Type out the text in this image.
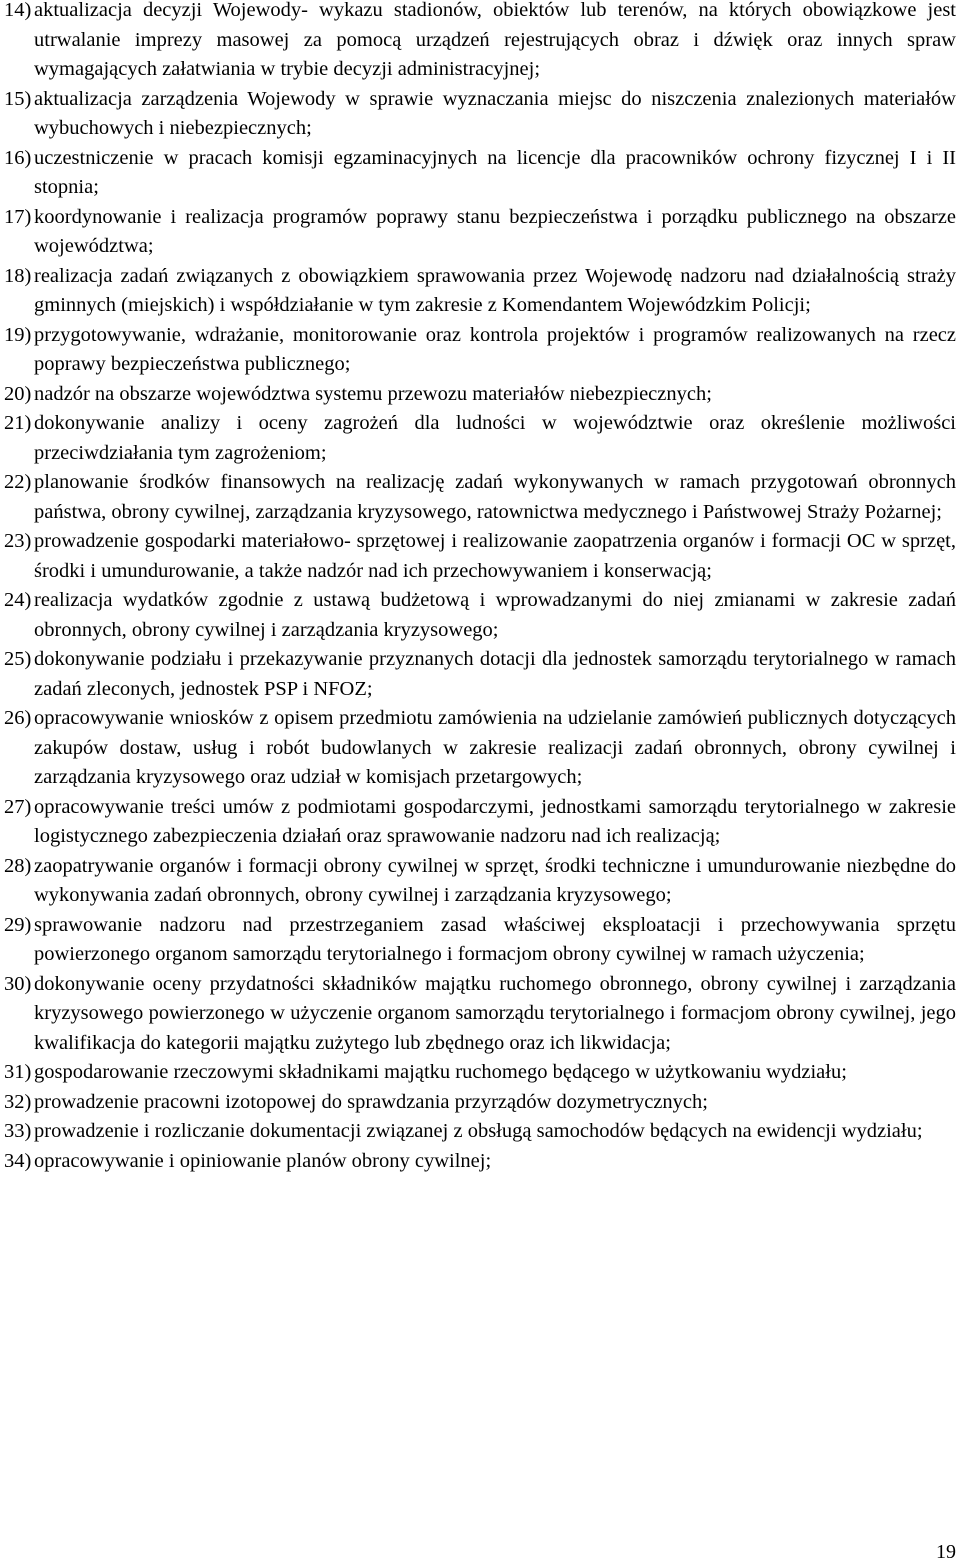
14) aktualizacja decyzji Wojewody- wykazu stadionów, obiektów lub terenów, na których obowiązkowe jest utrwalanie imprezy masowej za pomocą urządzeń rejestrujących obraz i dźwięk oraz innych spraw wymagających załatwiania w trybie decyzji administracyjnej;
15) aktualizacja zarządzenia Wojewody w sprawie wyznaczania miejsc do niszczenia znalezionych materiałów wybuchowych i niebezpiecznych;
16) uczestniczenie w pracach komisji egzaminacyjnych na licencje dla pracowników ochrony fizycznej I i II stopnia;
17) koordynowanie i realizacja programów poprawy stanu bezpieczeństwa i porządku publicznego na obszarze województwa;
18) realizacja zadań związanych z obowiązkiem sprawowania przez Wojewodę nadzoru nad działalnością straży gminnych (miejskich) i współdziałanie w tym zakresie z Komendantem Wojewódzkim Policji;
19) przygotowywanie, wdrażanie, monitorowanie oraz kontrola projektów i programów realizowanych na rzecz poprawy bezpieczeństwa publicznego;
20) nadzór na obszarze województwa systemu przewozu materiałów niebezpiecznych;
21) dokonywanie analizy i oceny zagrożeń dla ludności w województwie oraz określenie możliwości przeciwdziałania tym zagrożeniom;
22) planowanie środków finansowych na realizację zadań wykonywanych w ramach przygotowań obronnych państwa, obrony cywilnej, zarządzania kryzysowego, ratownictwa medycznego i Państwowej Straży Pożarnej;
23) prowadzenie gospodarki materiałowo- sprzętowej i realizowanie zaopatrzenia organów i formacji OC w sprzęt, środki i umundurowanie, a także nadzór nad ich przechowywaniem i konserwacją;
24) realizacja wydatków zgodnie z ustawą budżetową i wprowadzanymi do niej zmianami w zakresie zadań obronnych, obrony cywilnej i zarządzania kryzysowego;
25) dokonywanie podziału i przekazywanie przyznanych dotacji dla jednostek samorządu terytorialnego w ramach zadań zleconych, jednostek PSP i NFOZ;
26) opracowywanie wniosków z opisem przedmiotu zamówienia na udzielanie zamówień publicznych dotyczących zakupów dostaw, usług i robót budowlanych w zakresie realizacji zadań obronnych, obrony cywilnej i zarządzania kryzysowego oraz udział w komisjach przetargowych;
27) opracowywanie treści umów z podmiotami gospodarczymi, jednostkami samorządu terytorialnego w zakresie logistycznego zabezpieczenia działań oraz sprawowanie nadzoru nad ich realizacją;
28) zaopatrywanie organów i formacji obrony cywilnej w sprzęt, środki techniczne i umundurowanie niezbędne do wykonywania zadań obronnych, obrony cywilnej i zarządzania kryzysowego;
29) sprawowanie nadzoru nad przestrzeganiem zasad właściwej eksploatacji i przechowywania sprzętu powierzonego organom samorządu terytorialnego i formacjom obrony cywilnej w ramach użyczenia;
30) dokonywanie oceny przydatności składników majątku ruchomego obronnego, obrony cywilnej i zarządzania kryzysowego powierzonego w użyczenie organom samorządu terytorialnego i formacjom obrony cywilnej, jego kwalifikacja do kategorii majątku zużytego lub zbędnego oraz ich likwidacja;
31) gospodarowanie rzeczowymi składnikami majątku ruchomego będącego w użytkowaniu wydziału;
32) prowadzenie pracowni izotopowej do sprawdzania przyrządów dozymetrycznych;
33) prowadzenie i rozliczanie dokumentacji związanej z obsługą samochodów będących na ewidencji wydziału;
34) opracowywanie i opiniowanie planów obrony cywilnej;
19
